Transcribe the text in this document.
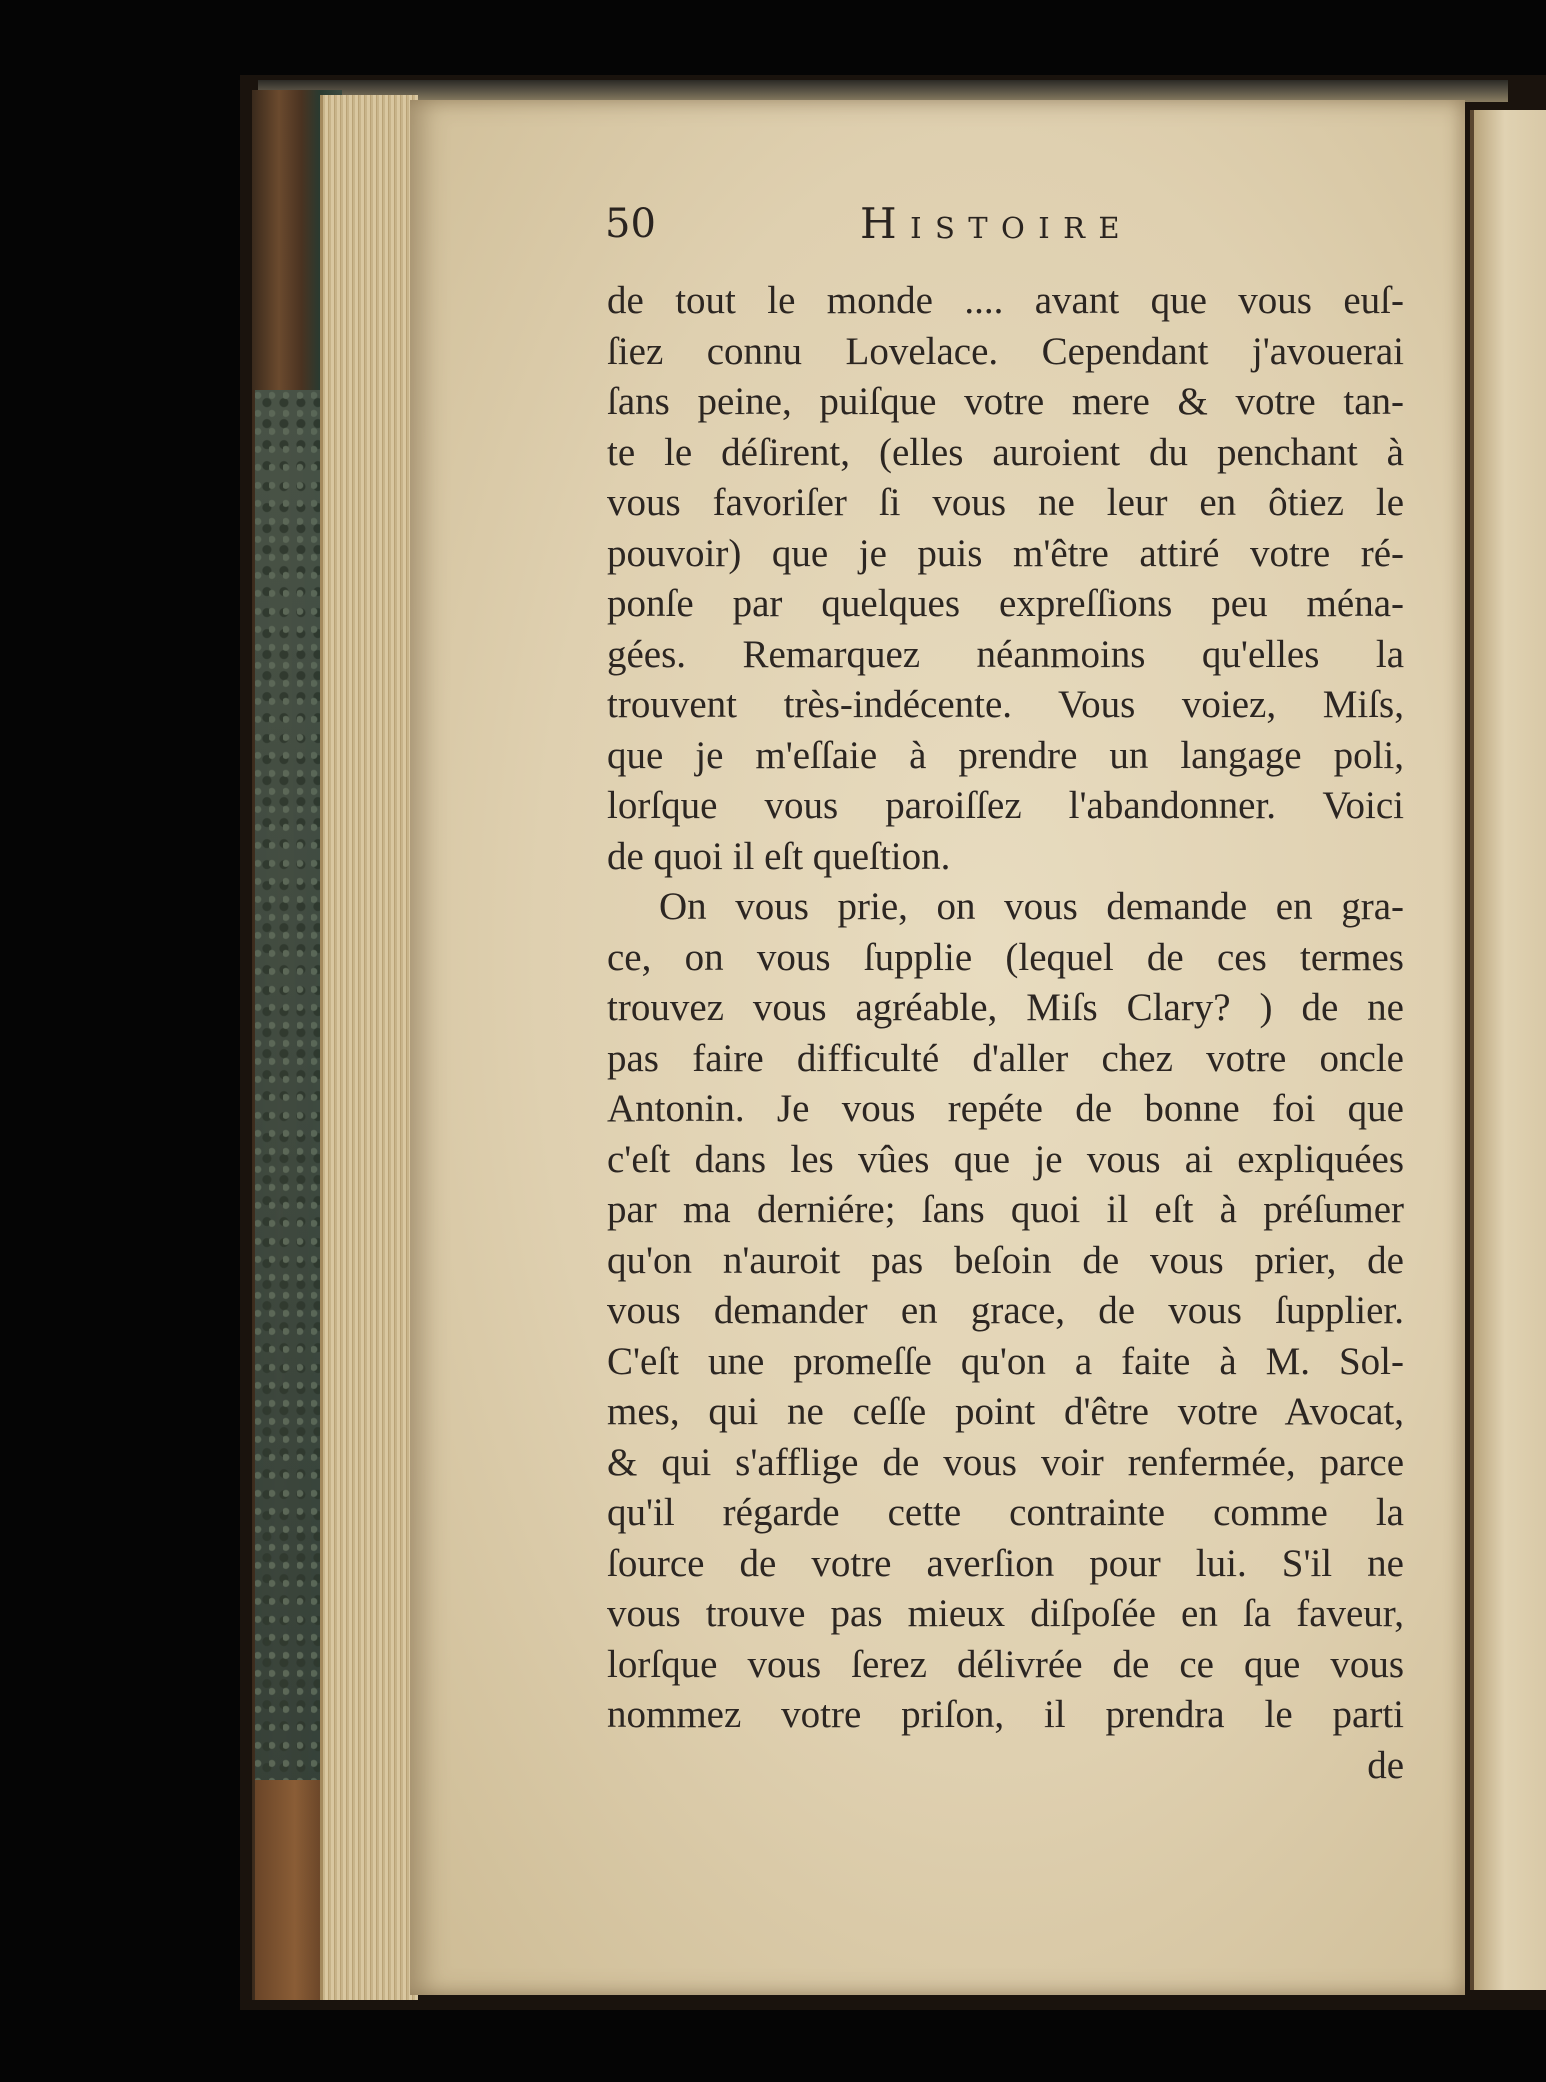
50	Histoire
de tout le monde .... avant que vous euſ-
ſiez connu Lovelace. Cependant j'avouerai
ſans peine, puiſque votre mere & votre tan-
te le déſirent, (elles auroient du penchant à
vous favoriſer ſi vous ne leur en ôtiez le
pouvoir) que je puis m'être attiré votre ré-
ponſe par quelques expreſſions peu ména-
gées. Remarquez néanmoins qu'elles la
trouvent très-indécente. Vous voiez, Miſs,
que je m'eſſaie à prendre un langage poli,
lorſque vous paroiſſez l'abandonner. Voici
de quoi il eſt queſtion.
On vous prie, on vous demande en gra-
ce, on vous ſupplie (lequel de ces termes
trouvez vous agréable, Miſs Clary? ) de ne
pas faire difficulté d'aller chez votre oncle
Antonin. Je vous repéte de bonne foi que
c'eſt dans les vûes que je vous ai expliquées
par ma derniére; ſans quoi il eſt à préſumer
qu'on n'auroit pas beſoin de vous prier, de
vous demander en grace, de vous ſupplier.
C'eſt une promeſſe qu'on a faite à M. Sol-
mes, qui ne ceſſe point d'être votre Avocat,
& qui s'afflige de vous voir renfermée, parce
qu'il régarde cette contrainte comme la
ſource de votre averſion pour lui. S'il ne
vous trouve pas mieux diſpoſée en ſa faveur,
lorſque vous ſerez délivrée de ce que vous
nommez votre priſon, il prendra le parti
de
